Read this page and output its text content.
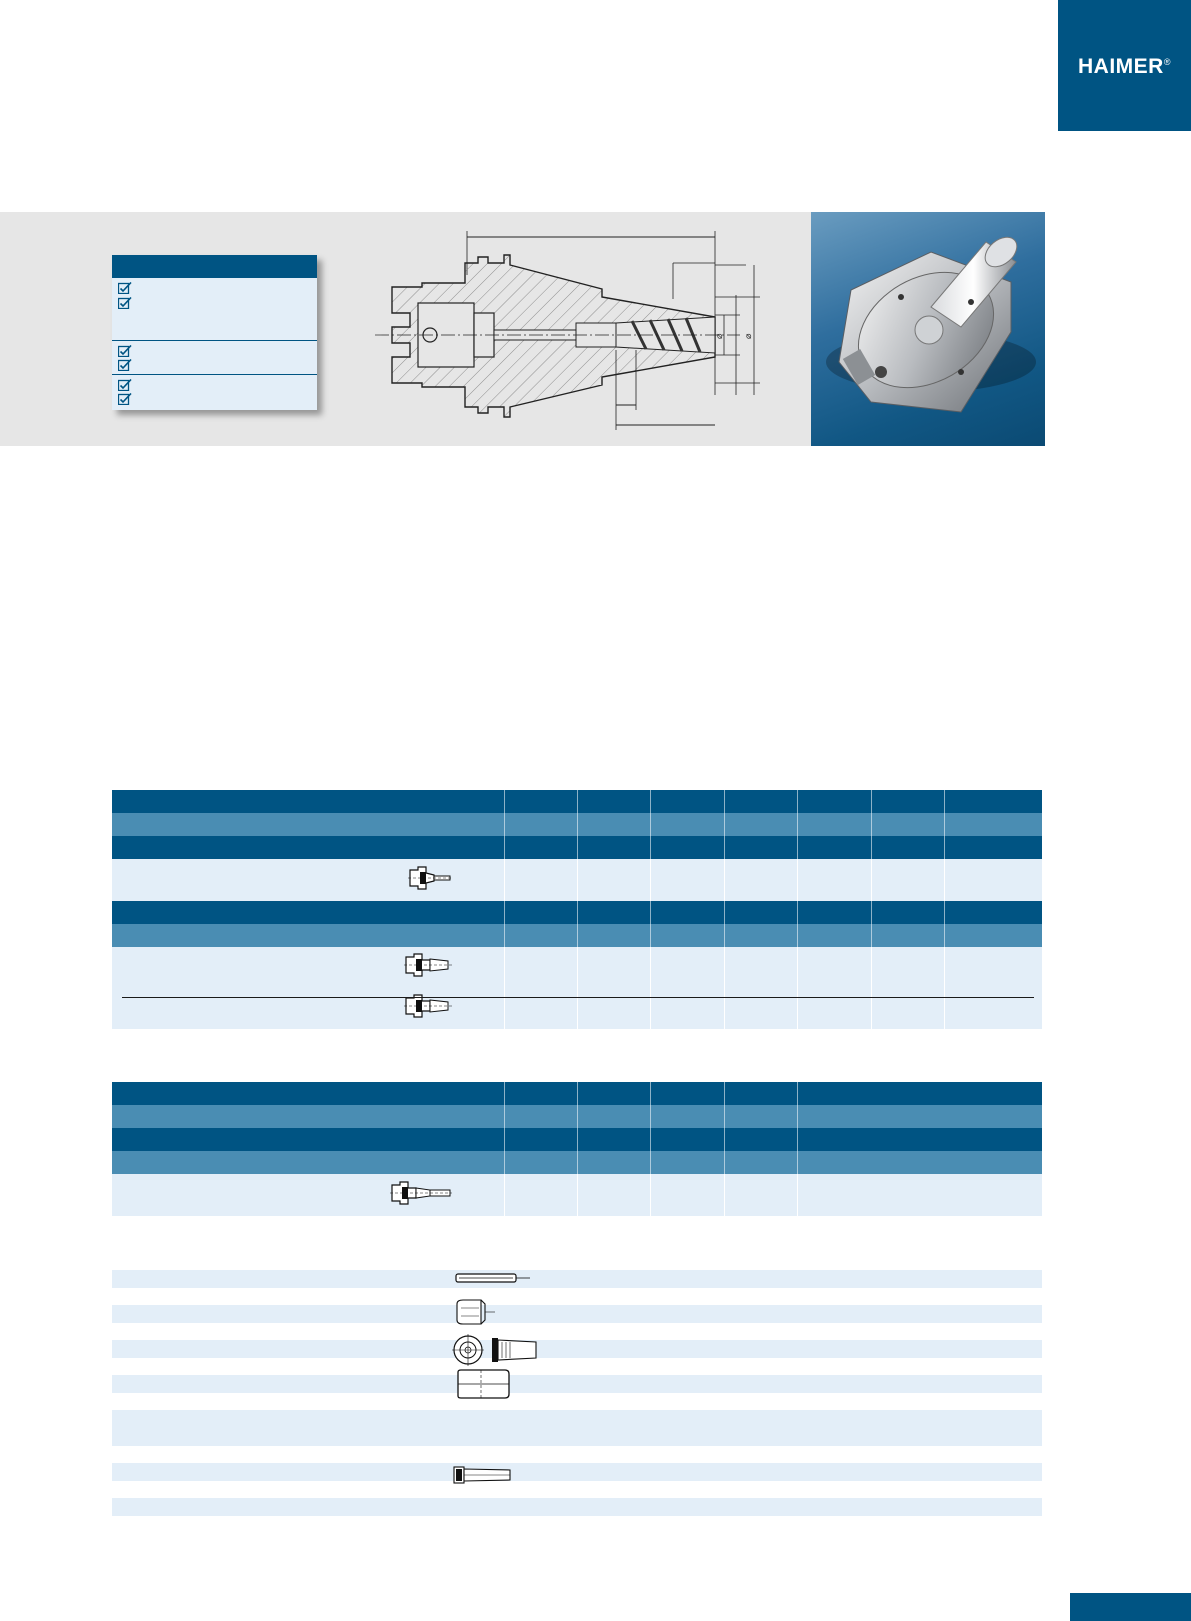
HAIMER®
⌀ ⌀
